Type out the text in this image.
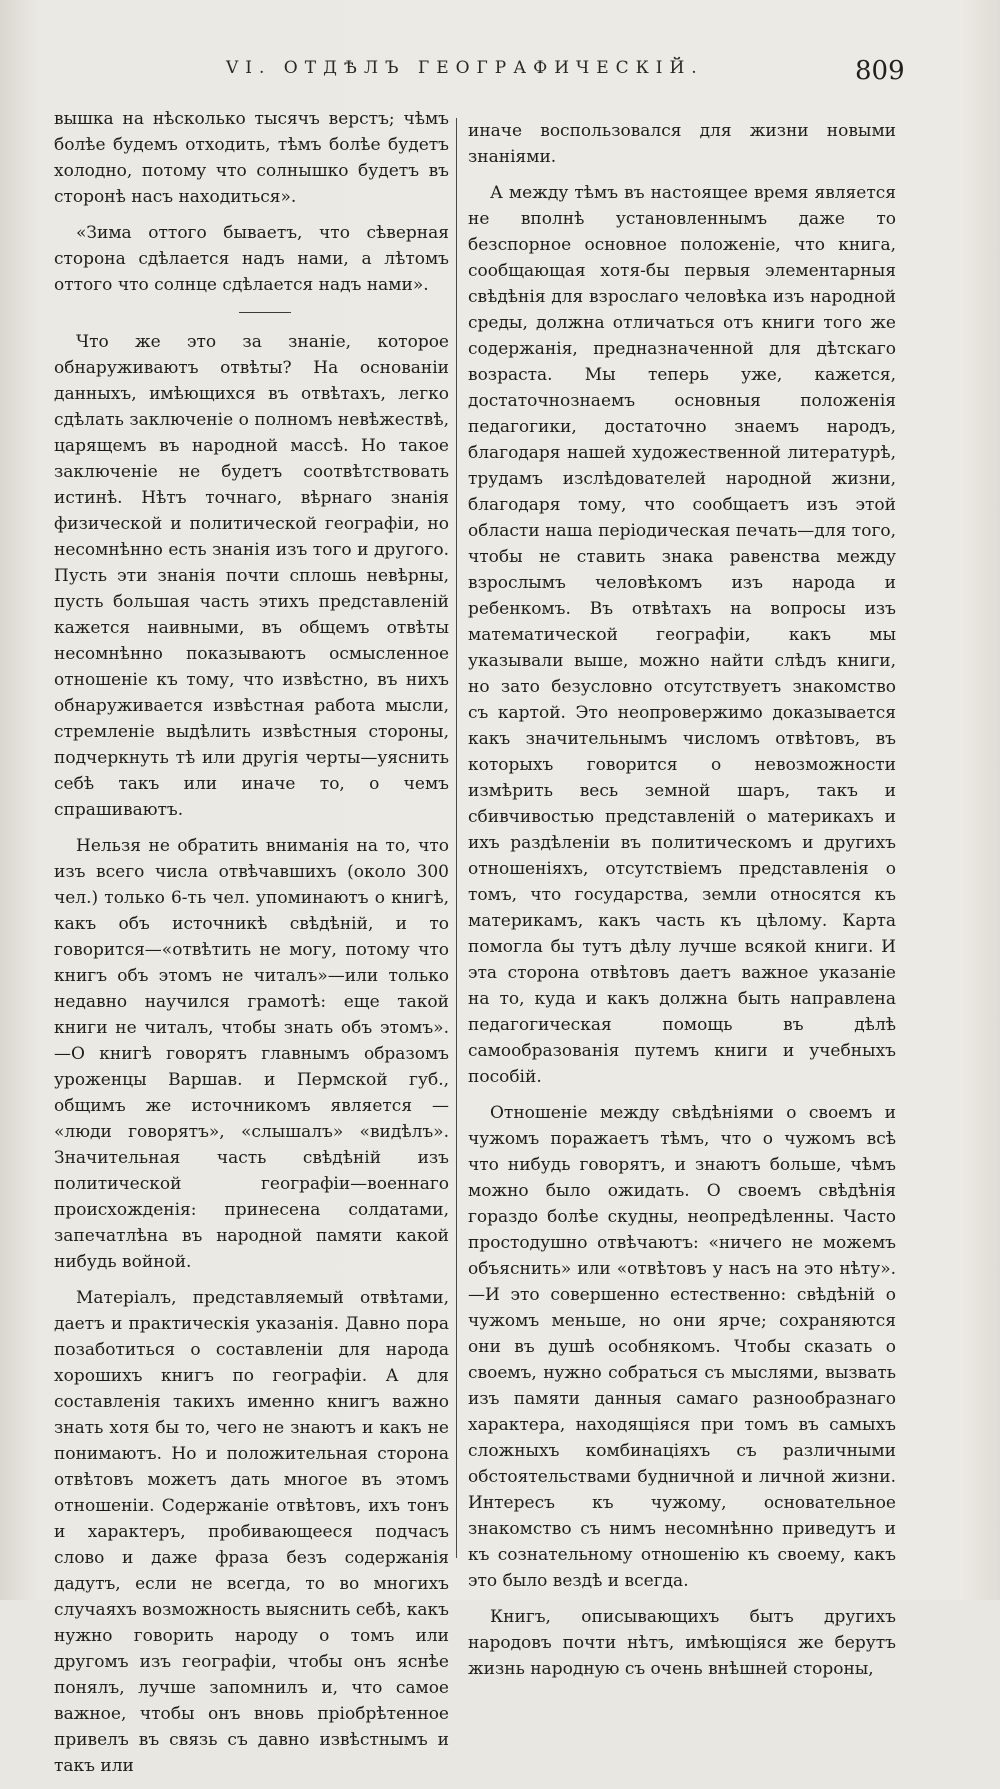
VI. ОТДѢЛЪ ГЕОГРАФИЧЕСКІЙ.	809

вышка на нѣсколько тысячъ верстъ; чѣмъ болѣе будемъ отходить, тѣмъ болѣе будетъ холодно, потому что солнышко будетъ въ сторонѣ насъ находиться».

«Зима оттого бываетъ, что сѣверная сторона сдѣлается надъ нами, а лѣтомъ оттого что солнце сдѣлается надъ нами».

Что же это за знаніе, которое обнаруживаютъ отвѣты? На основаніи данныхъ, имѣющихся въ отвѣтахъ, легко сдѣлать заключеніе о полномъ невѣжествѣ, царящемъ въ народной массѣ. Но такое заключеніе не будетъ соотвѣтствовать истинѣ. Нѣтъ точнаго, вѣрнаго знанія физической и политической географіи, но несомнѣнно есть знанія изъ того и другого. Пусть эти знанія почти сплошь невѣрны, пусть большая часть этихъ представленій кажется наивными, въ общемъ отвѣты несомнѣнно показываютъ осмысленное отношеніе къ тому, что извѣстно, въ нихъ обнаруживается извѣстная работа мысли, стремленіе выдѣлить извѣстныя стороны, подчеркнуть тѣ или другія черты—уяснить себѣ такъ или иначе то, о чемъ спрашиваютъ.

Нельзя не обратить вниманія на то, что изъ всего числа отвѣчавшихъ (около 300 чел.) только 6-ть чел. упоминаютъ о книгѣ, какъ объ источникѣ свѣдѣній, и то говорится—«отвѣтить не могу, потому что книгъ объ этомъ не читалъ»—или только недавно научился грамотѣ: еще такой книги не читалъ, чтобы знать объ этомъ».—О книгѣ говорятъ главнымъ образомъ уроженцы Варшав. и Пермской губ., общимъ же источникомъ является — «люди говорятъ», «слышалъ» «видѣлъ». Значительная часть свѣдѣній изъ политической географіи—военнаго происхожденія: принесена солдатами, запечатлѣна въ народной памяти какой нибудь войной.

Матеріалъ, представляемый отвѣтами, даетъ и практическія указанія. Давно пора позаботиться о составленіи для народа хорошихъ книгъ по географіи. А для составленія такихъ именно книгъ важно знать хотя бы то, чего не знаютъ и какъ не понимаютъ. Но и положительная сторона отвѣтовъ можетъ дать многое въ этомъ отношеніи. Содержаніе отвѣтовъ, ихъ тонъ и характеръ, пробивающееся подчасъ слово и даже фраза безъ содержанія дадутъ, если не всегда, то во многихъ случаяхъ возможность выяснить себѣ, какъ нужно говорить народу о томъ или другомъ изъ географіи, чтобы онъ яснѣе понялъ, лучше запомнилъ и, что самое важное, чтобы онъ вновь пріобрѣтенное привелъ въ связь съ давно извѣстнымъ и такъ или

иначе воспользовался для жизни новыми знаніями.

А между тѣмъ въ настоящее время является не вполнѣ установленнымъ даже то безспорное основное положеніе, что книга, сообщающая хотя-бы первыя элементарныя свѣдѣнія для взрослаго человѣка изъ народной среды, должна отличаться отъ книги того же содержанія, предназначенной для дѣтскаго возраста. Мы теперь уже, кажется, достаточнознаемъ основныя положенія педагогики, достаточно знаемъ народъ, благодаря нашей художественной литературѣ, трудамъ изслѣдователей народной жизни, благодаря тому, что сообщаетъ изъ этой области наша періодическая печать—для того, чтобы не ставить знака равенства между взрослымъ человѣкомъ изъ народа и ребенкомъ. Въ отвѣтахъ на вопросы изъ математической географіи, какъ мы указывали выше, можно найти слѣдъ книги, но зато безусловно отсутствуетъ знакомство съ картой. Это неопровержимо доказывается какъ значительнымъ числомъ отвѣтовъ, въ которыхъ говорится о невозможности измѣрить весь земной шаръ, такъ и сбивчивостью представленій о материкахъ и ихъ раздѣленіи въ политическомъ и другихъ отношеніяхъ, отсутствіемъ представленія о томъ, что государства, земли относятся къ материкамъ, какъ часть къ цѣлому. Карта помогла бы тутъ дѣлу лучше всякой книги. И эта сторона отвѣтовъ даетъ важное указаніе на то, куда и какъ должна быть направлена педагогическая помощь въ дѣлѣ самообразованія путемъ книги и учебныхъ пособій.

Отношеніе между свѣдѣніями о своемъ и чужомъ поражаетъ тѣмъ, что о чужомъ всѣ что нибудь говорятъ, и знаютъ больше, чѣмъ можно было ожидать. О своемъ свѣдѣнія гораздо болѣе скудны, неопредѣленны. Часто простодушно отвѣчаютъ: «ничего не можемъ объяснить» или «отвѣтовъ у насъ на это нѣту».—И это совершенно естественно: свѣдѣній о чужомъ меньше, но они ярче; сохраняются они въ душѣ особнякомъ. Чтобы сказать о своемъ, нужно собраться съ мыслями, вызвать изъ памяти данныя самаго разнообразнаго характера, находящіяся при томъ въ самыхъ сложныхъ комбинаціяхъ съ различными обстоятельствами будничной и личной жизни. Интересъ къ чужому, основательное знакомство съ нимъ несомнѣнно приведутъ и къ сознательному отношенію къ своему, какъ это было вездѣ и всегда.

Книгъ, описывающихъ бытъ другихъ народовъ почти нѣтъ, имѣющіяся же берутъ жизнь народную съ очень внѣшней стороны,
